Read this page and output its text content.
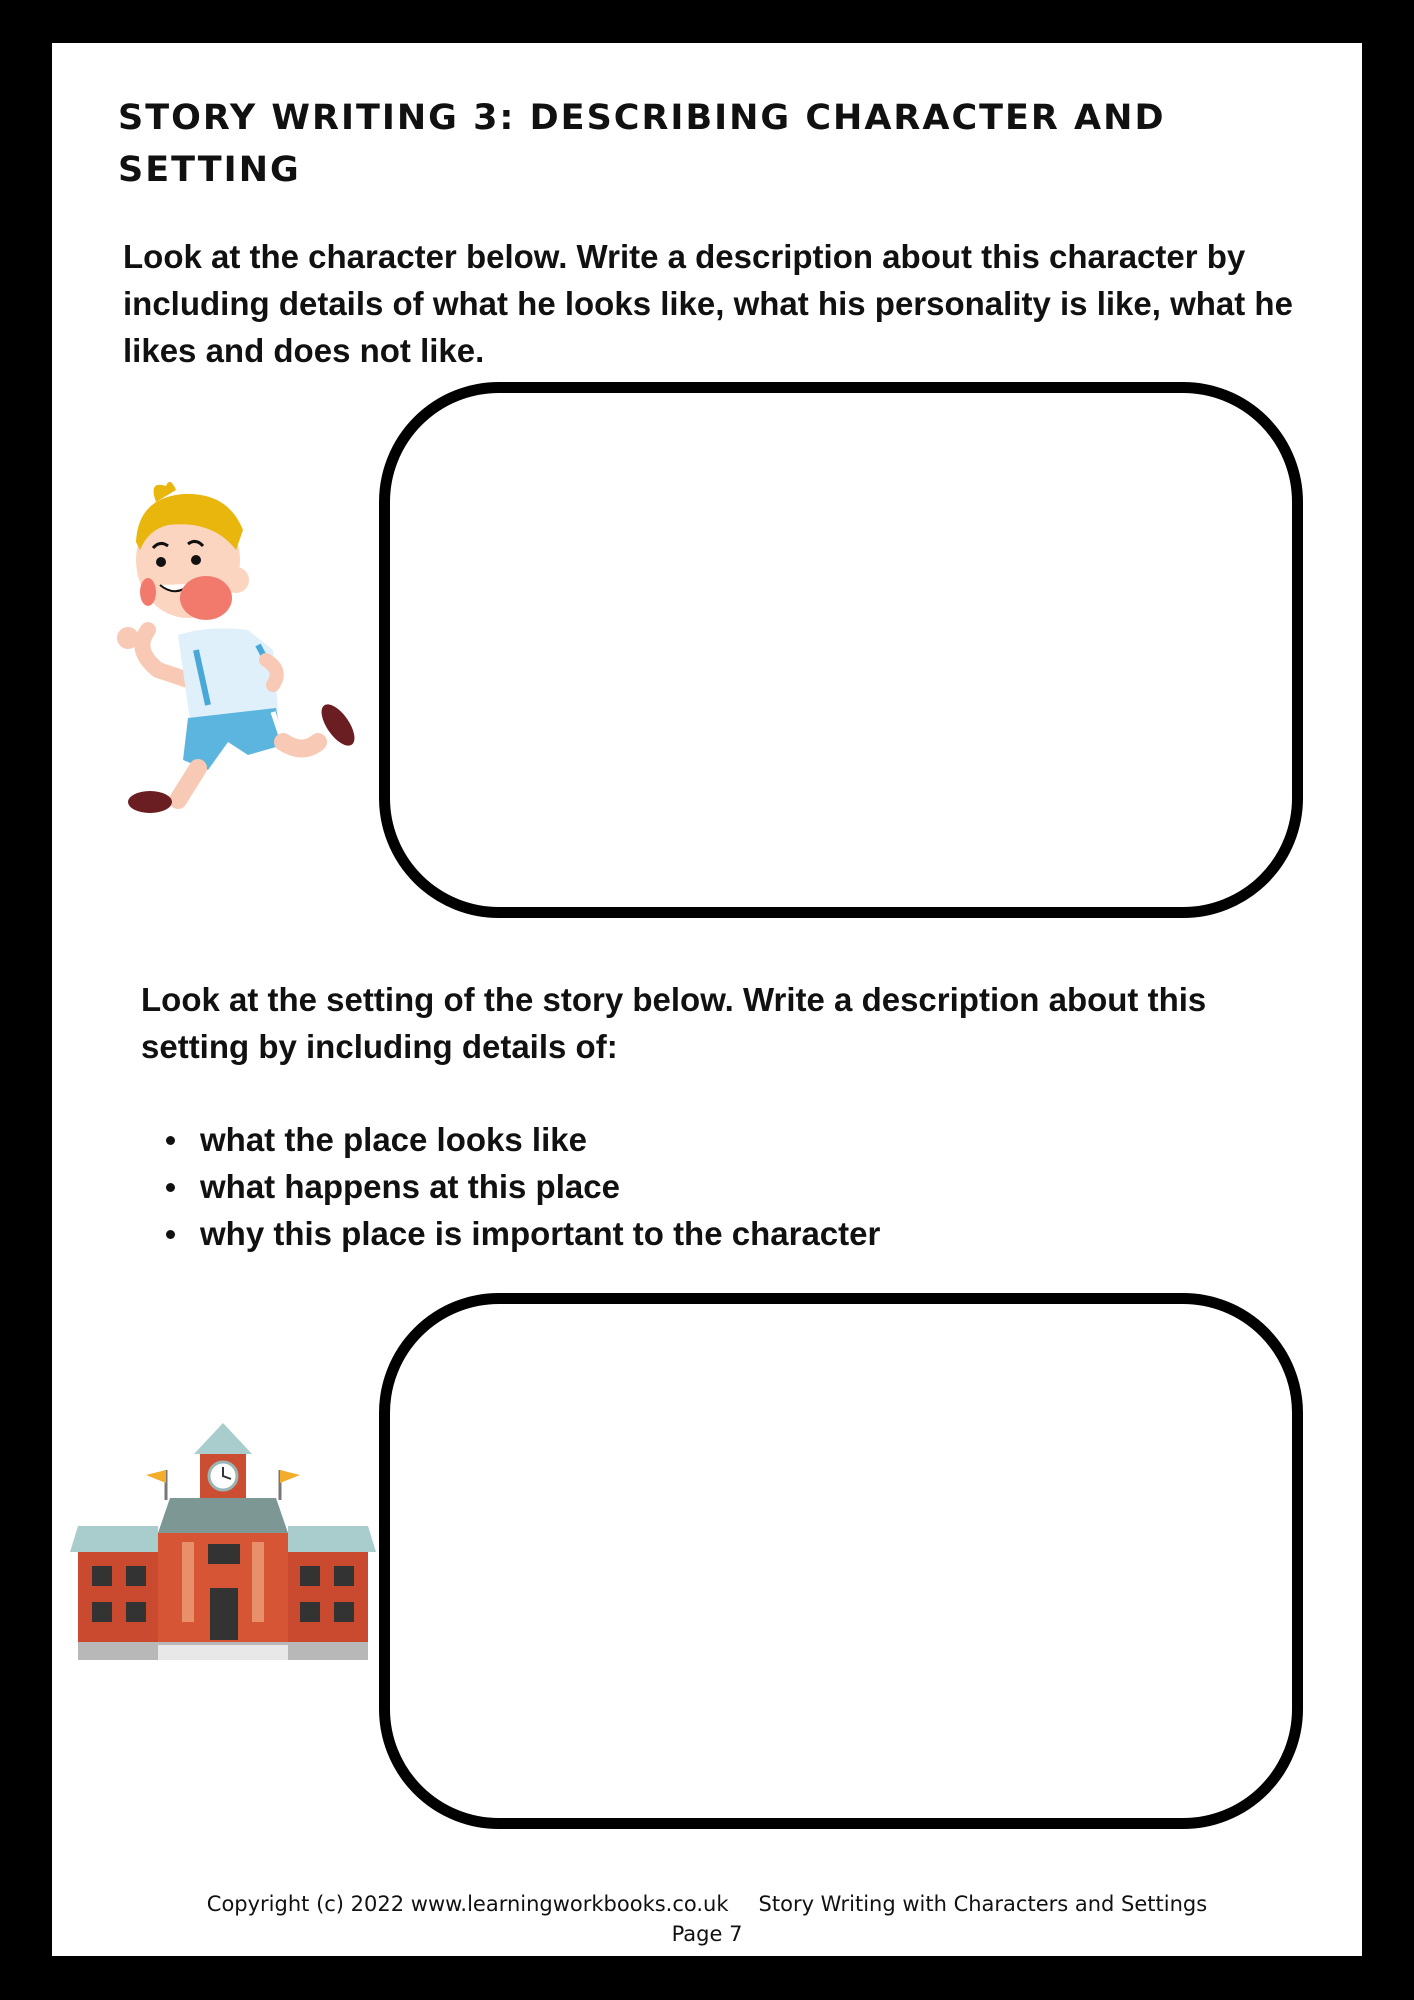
STORY WRITING 3: DESCRIBING CHARACTER AND SETTING

Look at the character below. Write a description about this character by including details of what he looks like, what his personality is like, what he likes and does not like.

Look at the setting of the story below. Write a description about this setting by including details of:

what the place looks like
what happens at this place
why this place is important to the character
Copyright (c) 2022 www.learningworkbooks.co.uk Story Writing with Characters and Settings
Page 7
